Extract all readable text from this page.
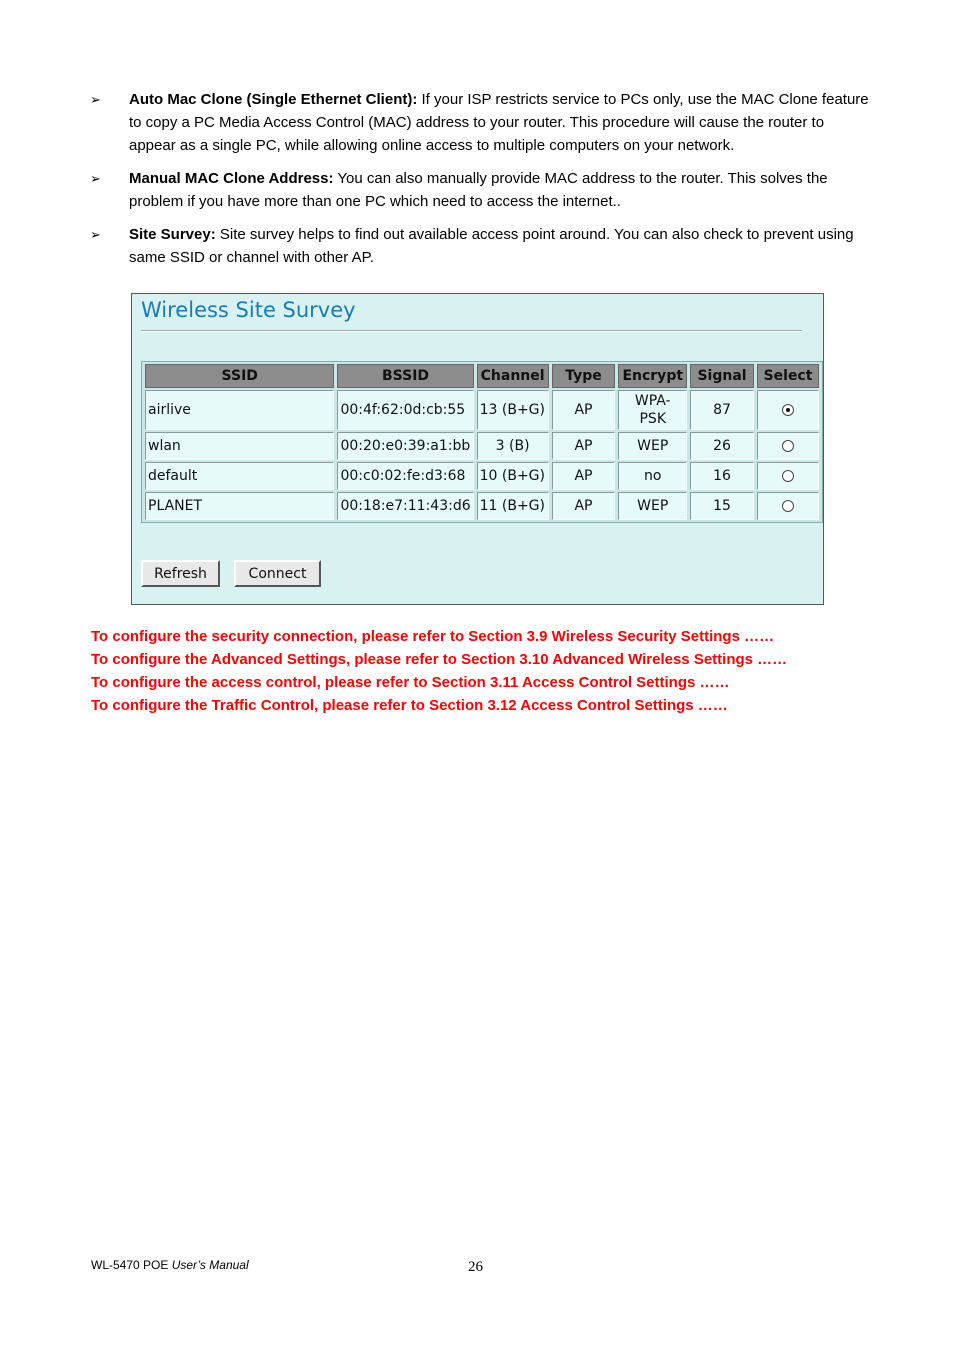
➢ Auto Mac Clone (Single Ethernet Client): If your ISP restricts service to PCs only, use the MAC Clone feature to copy a PC Media Access Control (MAC) address to your router. This procedure will cause the router to appear as a single PC, while allowing online access to multiple computers on your network.
➢ Manual MAC Clone Address: You can also manually provide MAC address to the router. This solves the problem if you have more than one PC which need to access the internet..
➢ Site Survey: Site survey helps to find out available access point around. You can also check to prevent using same SSID or channel with other AP.
Wireless Site Survey
SSID	BSSID	Channel	Type	Encrypt	Signal	Select
airlive	00:4f:62:0d:cb:55	13 (B+G)	AP	WPA-PSK	87	
wlan	00:20:e0:39:a1:bb	3 (B)	AP	WEP	26	
default	00:c0:02:fe:d3:68	10 (B+G)	AP	no	16	
PLANET	00:18:e7:11:43:d6	11 (B+G)	AP	WEP	15	
Refresh	Connect
To configure the security connection, please refer to Section 3.9 Wireless Security Settings ……
To configure the Advanced Settings, please refer to Section 3.10 Advanced Wireless Settings ……
To configure the access control, please refer to Section 3.11 Access Control Settings ……
To configure the Traffic Control, please refer to Section 3.12 Access Control Settings ……
WL-5470 POE User’s Manual	26
